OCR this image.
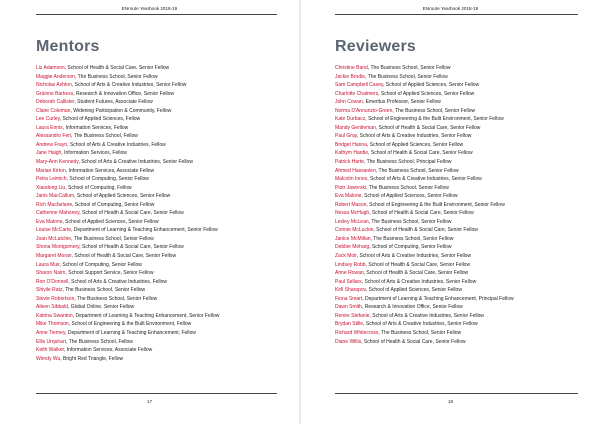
ENroute Yearbook 2018-19
Mentors
Liz Adamson, School of Health & Social Care, Senior Fellow
Maggie Anderson, The Business School, Senior Fellow
Nicholas Ashton, School of Arts & Creative Industries, Senior Fellow
Gráinne Barkess, Research & Innovation Office, Senior Fellow
Deborah Callister, Student Futures, Associate Fellow
Claire Coleman, Widening Participation & Community, Fellow
Lee Curley, School of Applied Sciences, Fellow
Laura Ennis, Information Services, Fellow
Alessandro Feri, The Business School, Fellow
Andrew Frayn, School of Arts & Creative Industries, Fellow
Jane Haigh, Information Services, Fellow
Mary-Ann Kennedy, School of Arts & Creative Industries, Senior Fellow
Marian Kirton, Information Services, Associate Fellow
Petra Leimich, School of Computing, Senior Fellow
Xiaodong Liu, School of Computing, Fellow
Janis MacCallum, School of Applied Sciences, Senior Fellow
Rich Macfarlane, School of Computing, Senior Fellow
Catherine Mahoney, School of Health & Social Care, Senior Fellow
Eva Malone, School of Applied Sciences, Senior Fellow
Louise McCarte, Department of Learning & Teaching Enhancement, Senior Fellow
Joan McLatchie, The Business School, Senior Fellow
Shona Montgomery, School of Health & Social Care, Senior Fellow
Margaret Moran, School of Health & Social Care, Senior Fellow
Laura Muir, School of Computing, Senior Fellow
Sharon Nairn, School Support Service, Senior Fellow
Ron O'Donnell, School of Arts & Creative Industries, Fellow
Shiyile Ratz, The Business School, Senior Fellow
Stevie Robertson, The Business School, Senior Fellow
Aileen Sibbald, Global Online, Senior Fellow
Katrina Swanton, Department of Learning & Teaching Enhancement, Senior Fellow
Mike Thomson, School of Engineering & the Built Environment, Fellow
Anne Tierney, Department of Learning & Teaching Enhancement, Fellow
Ellis Urquhart, The Business School, Fellow
Keith Walker, Information Services, Associate Fellow
Wendy Wu, Bright Red Triangle, Fellow
17
ENroute Yearbook 2018-19
Reviewers
Christine Band, The Business School, Senior Fellow
Jackie Brodie, The Business School, Senior Fellow
Sam Campbell Casey, School of Applied Sciences, Senior Fellow
Charlotte Chalmers, School of Applied Sciences, Senior Fellow
John Cowan, Emeritus Professor, Senior Fellow
Norma D'Annunzio-Green, The Business School, Senior Fellow
Kate Durbacz, School of Engineering & the Built Environment, Senior Fellow
Mandy Gentleman, School of Health & Social Care, Senior Fellow
Paul Gray, School of Arts & Creative Industries, Senior Fellow
Bridget Hanna, School of Applied Sciences, Senior Fellow
Kathym Hardie, School of Health & Social Care, Senior Fellow
Patrick Harte, The Business School, Principal Fellow
Ahmed Hassanien, The Business School, Senior Fellow
Malcolm Innes, School of Arts & Creative Industries, Senior Fellow
Piotr Jaworski, The Business School, Senior Fellow
Eva Malone, School of Applied Sciences, Senior Fellow
Robert Mason, School of Engineering & the Built Environment, Senior Fellow
Nessa McHugh, School of Health & Social Care, Senior Fellow
Lesley McLean, The Business School, Senior Fellow
Connie McLuckie, School of Health & Social Care, Senior Fellow
Janice McMillan, The Business School, Senior Fellow
Debbie Meharg, School of Computing, Senior Fellow
Zack Moir, School of Arts & Creative Industries, Senior Fellow
Lindsey Robb, School of Health & Social Care, Senior Fellow
Anne Rowan, School of Health & Social Care, Senior Fellow
Paul Sellars, School of Arts & Creative Industries, Senior Fellow
Kirll Sharapov, School of Applied Sciences, Senior Fellow
Fiona Smart, Department of Learning & Teaching Enhancement, Principal Fellow
Dawn Smith, Research & Innovation Office, Senior Fellow
Renée Stefanie, School of Arts & Creative Industries, Senior Fellow
Brydan Stille, School of Arts & Creative Industries, Senior Fellow
Richard Whitecross, The Business School, Senior Fellow
Diane Willis, School of Health & Social Care, Senior Fellow
18
